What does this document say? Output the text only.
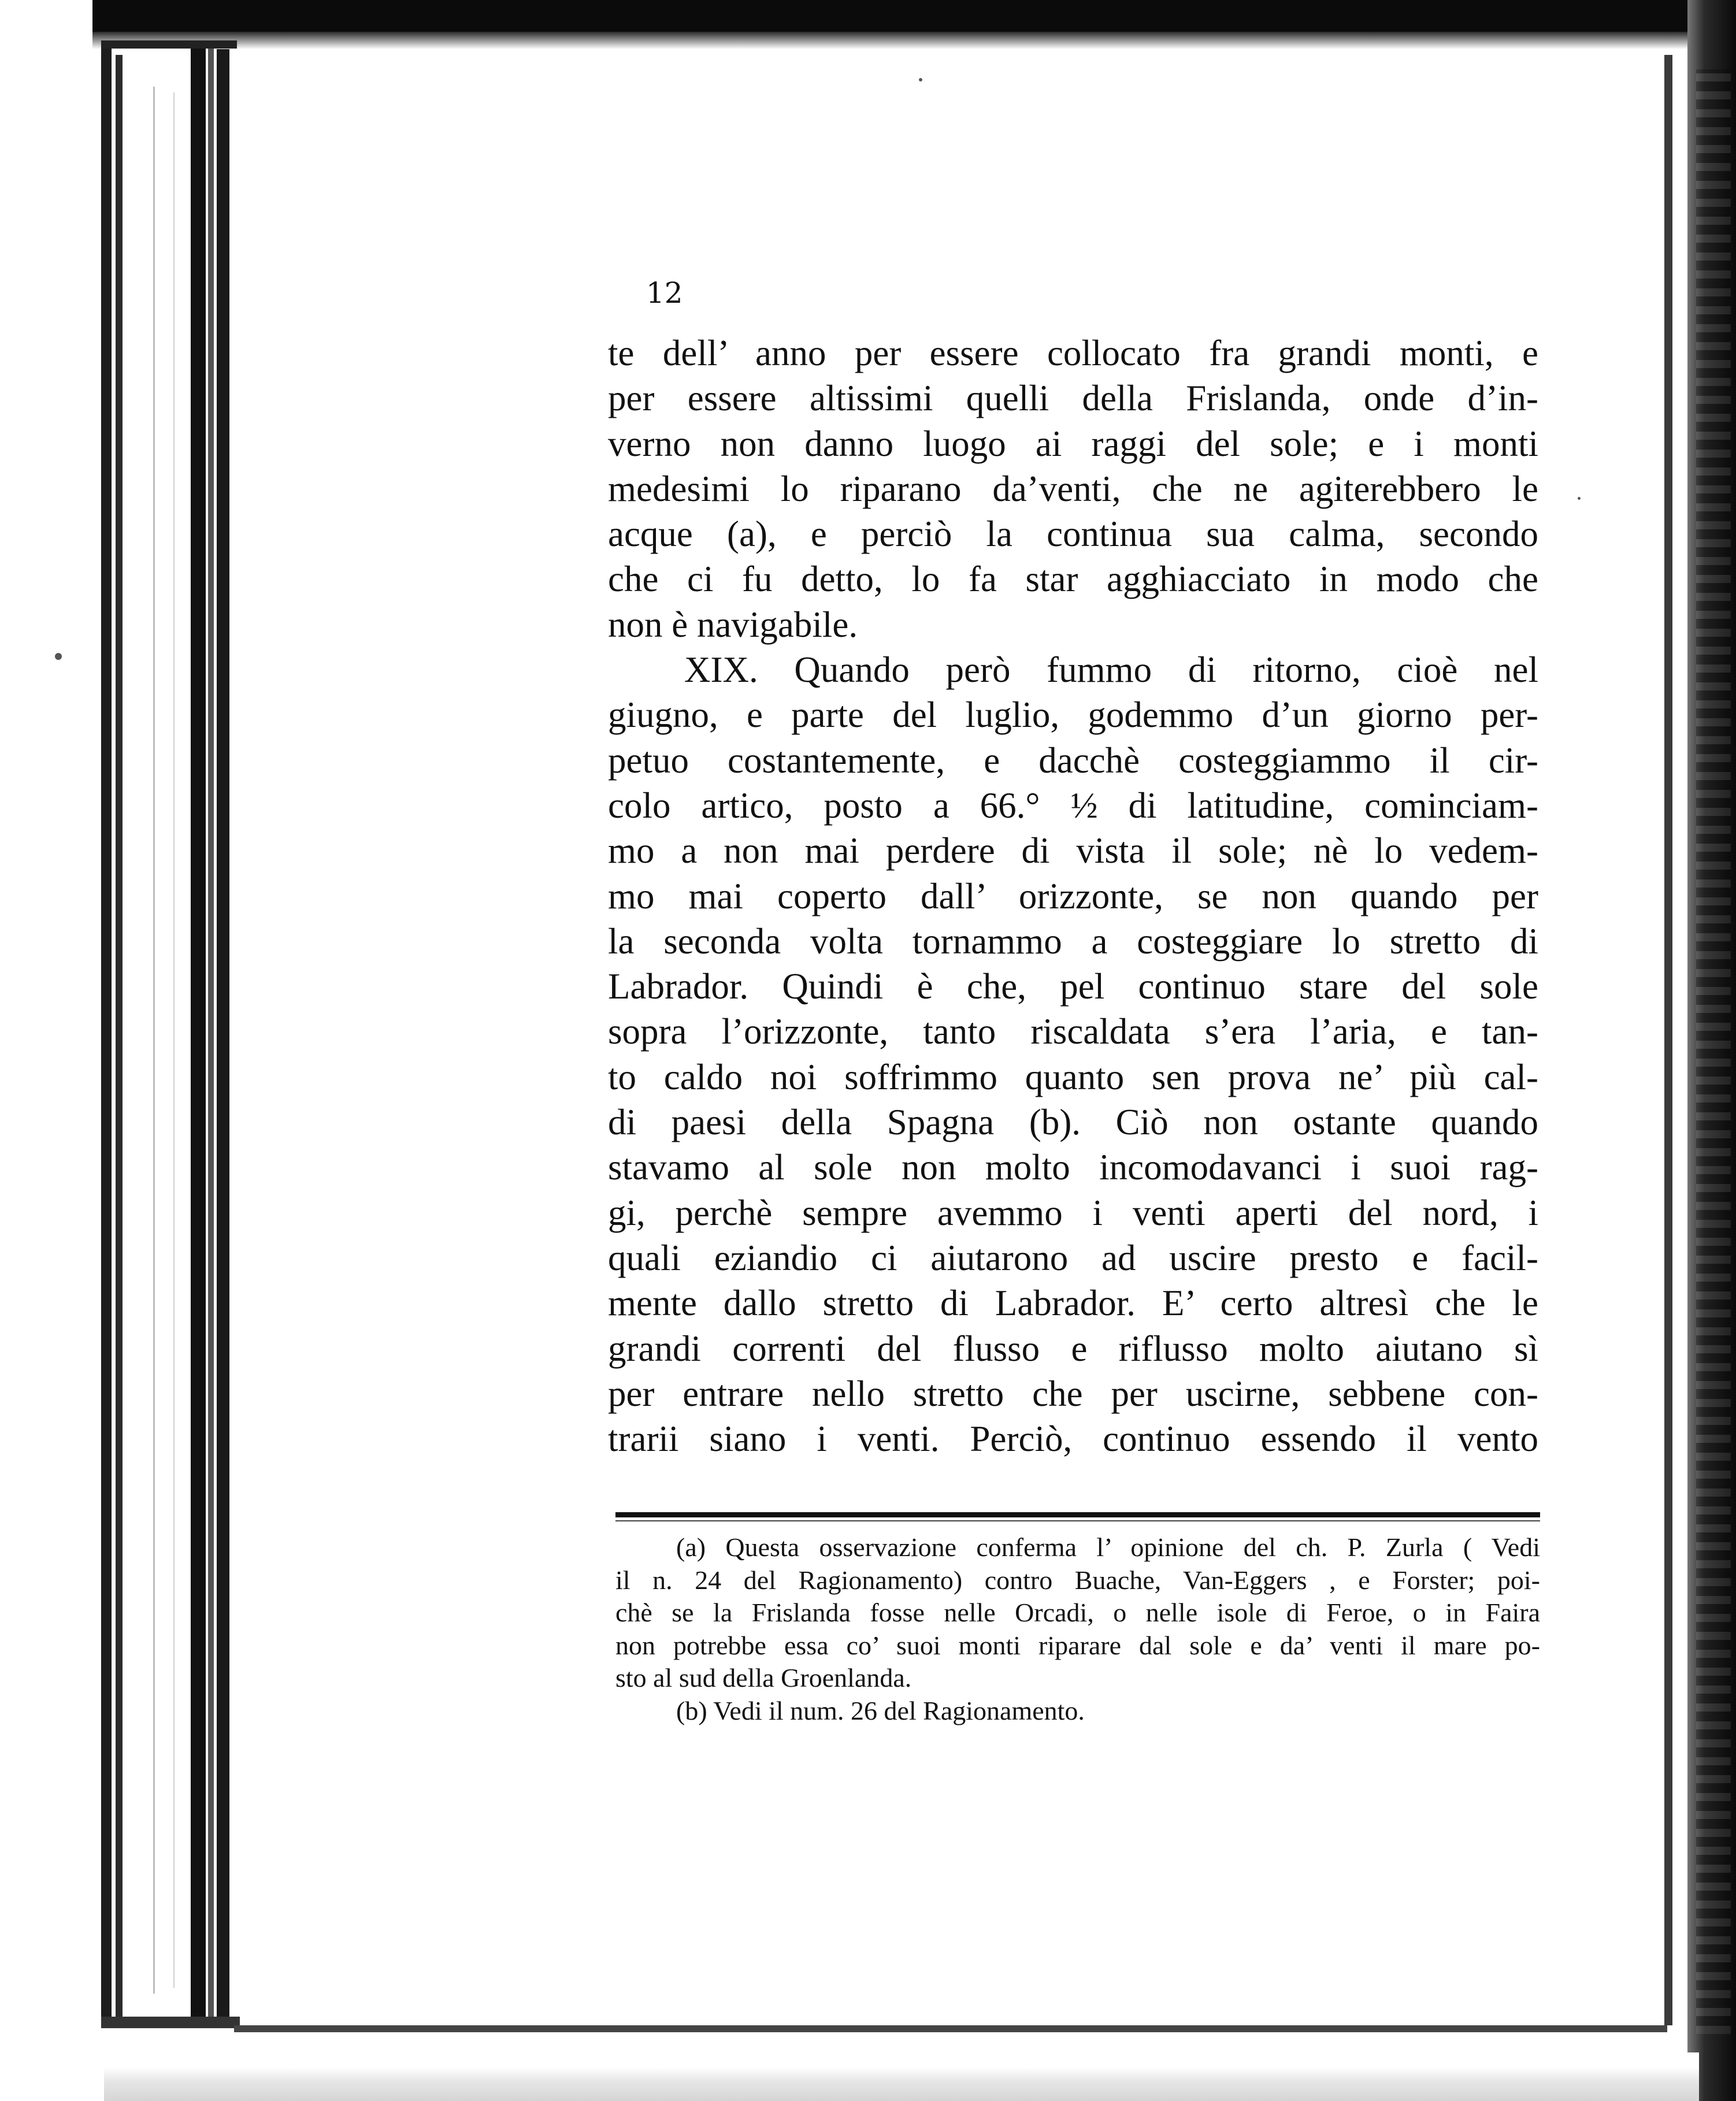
12

te dell’ anno per essere collocato fra grandi monti, e
per essere altissimi quelli della Frislanda, onde d’in-
verno non danno luogo ai raggi del sole; e i monti
medesimi lo riparano da’venti, che ne agiterebbero le
acque (a), e perciò la continua sua calma, secondo
che ci fu detto, lo fa star agghiacciato in modo che
non è navigabile.
XIX. Quando però fummo di ritorno, cioè nel
giugno, e parte del luglio, godemmo d’un giorno per-
petuo costantemente, e dacchè costeggiammo il cir-
colo artico, posto a 66.° ½ di latitudine, cominciam-
mo a non mai perdere di vista il sole; nè lo vedem-
mo mai coperto dall’ orizzonte, se non quando per
la seconda volta tornammo a costeggiare lo stretto di
Labrador. Quindi è che, pel continuo stare del sole
sopra l’orizzonte, tanto riscaldata s’era l’aria, e tan-
to caldo noi soffrimmo quanto sen prova ne’ più cal-
di paesi della Spagna (b). Ciò non ostante quando
stavamo al sole non molto incomodavanci i suoi rag-
gi, perchè sempre avemmo i venti aperti del nord, i
quali eziandio ci aiutarono ad uscire presto e facil-
mente dallo stretto di Labrador. E’ certo altresì che le
grandi correnti del flusso e riflusso molto aiutano sì
per entrare nello stretto che per uscirne, sebbene con-
trarii siano i venti. Perciò, continuo essendo il vento
(a) Questa osservazione conferma l’ opinione del ch. P. Zurla ( Vedi
il n. 24 del Ragionamento) contro Buache, Van-Eggers , e Forster; poi-
chè se la Frislanda fosse nelle Orcadi, o nelle isole di Feroe, o in Faira
non potrebbe essa co’ suoi monti riparare dal sole e da’ venti il mare po-
sto al sud della Groenlanda.
(b) Vedi il num. 26 del Ragionamento.
